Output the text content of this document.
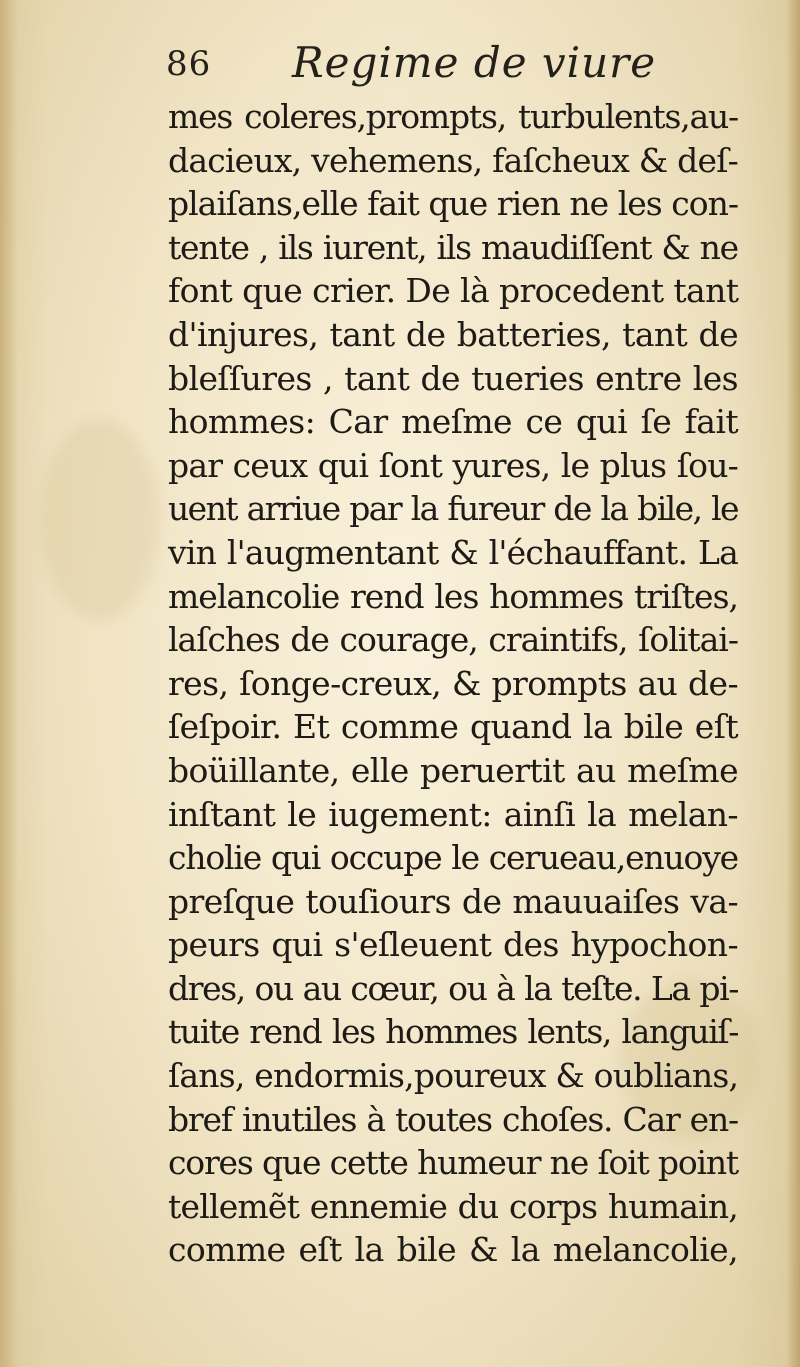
86 Regime de viure
mes coleres,prompts, turbulents,au-
dacieux, vehemens, faſcheux & deſ-
plaiſans,elle fait que rien ne les con-
tente , ils iurent, ils maudiſſent & ne
font que crier. De là procedent tant
d'injures, tant de batteries, tant de
bleſſures , tant de tueries entre les
hommes: Car meſme ce qui ſe fait
par ceux qui ſont yures, le plus ſou-
uent arriue par la fureur de la bile, le
vin l'augmentant & l'échauffant. La
melancolie rend les hommes triſtes,
laſches de courage, craintifs, ſolitai-
res, ſonge-creux, & prompts au de-
ſeſpoir. Et comme quand la bile eſt
boüillante, elle peruertit au meſme
inſtant le iugement: ainſi la melan-
cholie qui occupe le cerueau,enuoye
preſque touſiours de mauuaiſes va-
peurs qui s'eſleuent des hypochon-
dres, ou au cœur, ou à la teſte. La pi-
tuite rend les hommes lents, languiſ-
ſans, endormis,poureux & oublians,
bref inutiles à toutes choſes. Car en-
cores que cette humeur ne ſoit point
tellemẽt ennemie du corps humain,
comme eſt la bile & la melancolie,
